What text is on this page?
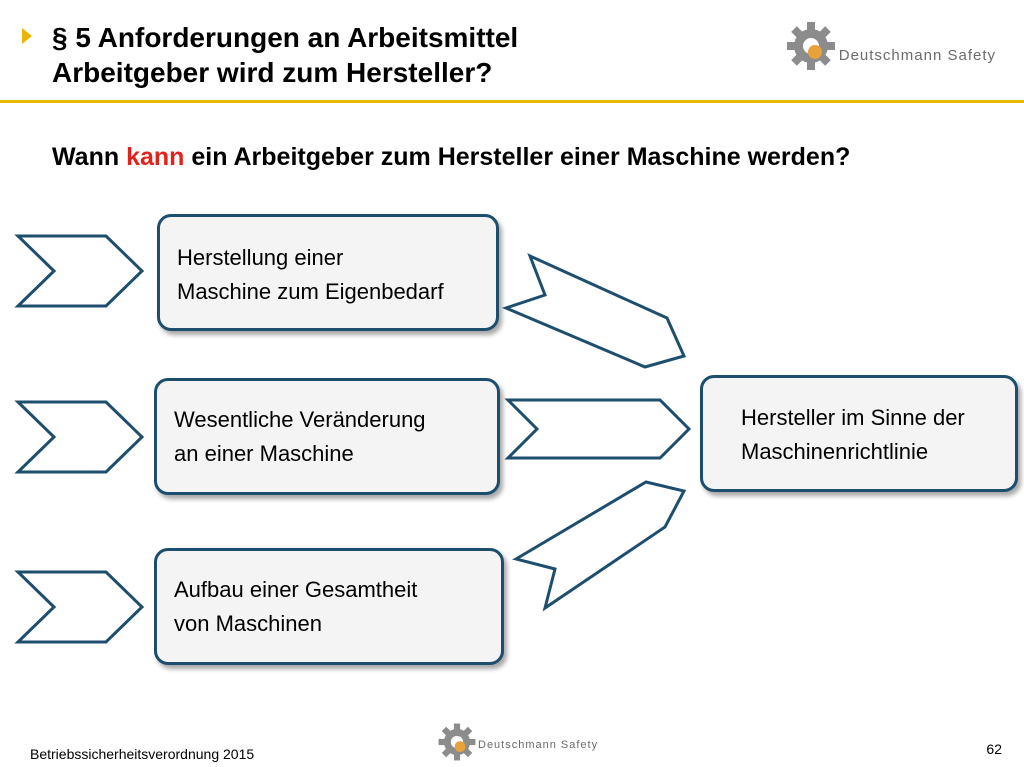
§ 5 Anforderungen an Arbeitsmittel
Arbeitgeber wird zum Hersteller?
Deutschmann Safety
Wann kann ein Arbeitgeber zum Hersteller einer Maschine werden?
Herstellung einer
Maschine zum Eigenbedarf
Wesentliche Veränderung
an einer Maschine
Aufbau einer Gesamtheit
von Maschinen
Hersteller im Sinne der
Maschinenrichtlinie
Betriebssicherheitsverordnung 2015
Deutschmann Safety	62
